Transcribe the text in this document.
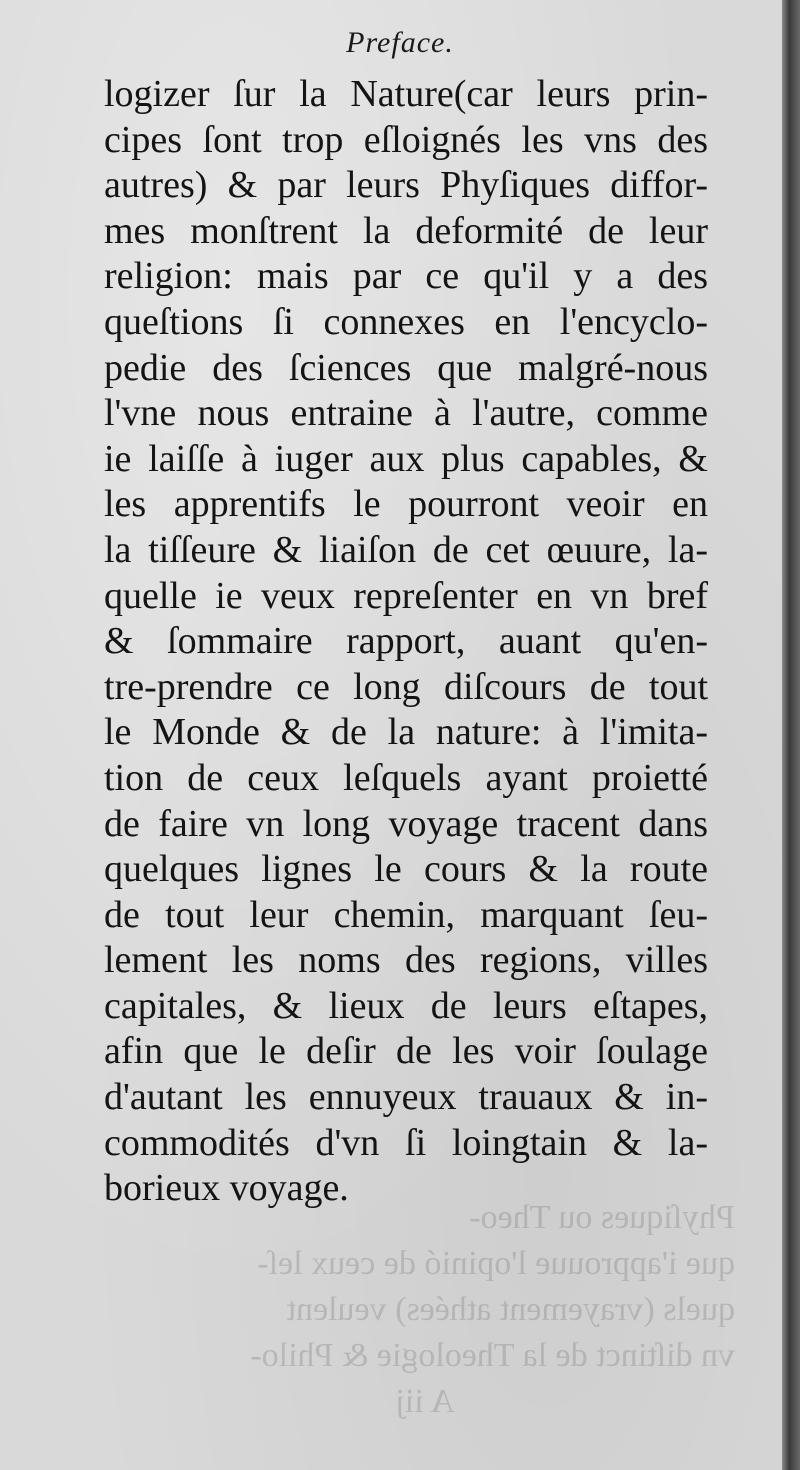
Phyſiques ou Theo-
que i'approuue l'opinió de ceux leſ-
quels (vrayement athées) veulent
vn diſtinct de la Theologie & Philo-
A iij
Preface.
logizer ſur la Nature(car leurs prin-
cipes ſont trop eſloignés les vns des
autres) & par leurs Phyſiques diffor-
mes monſtrent la deformité de leur
religion: mais par ce qu'il y a des
queſtions ſi connexes en l'encyclo-
pedie des ſciences que malgré-nous
l'vne nous entraine à l'autre, comme
ie laiſſe à iuger aux plus capables, &
les apprentifs le pourront veoir en
la tiſſeure & liaiſon de cet œuure, la-
quelle ie veux repreſenter en vn bref
& ſommaire rapport, auant qu'en-
tre-prendre ce long diſcours de tout
le Monde & de la nature: à l'imita-
tion de ceux leſquels ayant proietté
de faire vn long voyage tracent dans
quelques lignes le cours & la route
de tout leur chemin, marquant ſeu-
lement les noms des regions, villes
capitales, & lieux de leurs eſtapes,
afin que le deſir de les voir ſoulage
d'autant les ennuyeux trauaux & in-
commodités d'vn ſi loingtain & la-
borieux voyage.
